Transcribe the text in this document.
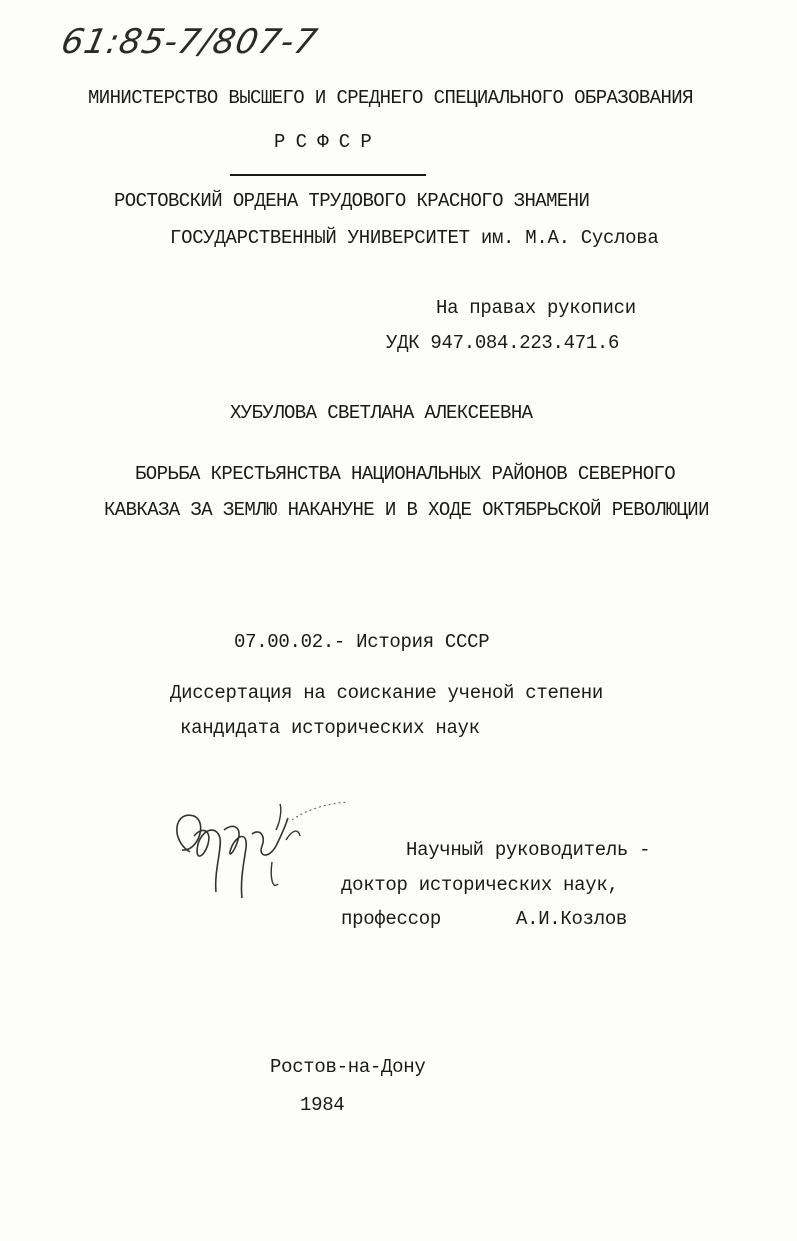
61:85-7/807-7
МИНИСТЕРСТВО ВЫСШЕГО И СРЕДНЕГО СПЕЦИАЛЬНОГО ОБРАЗОВАНИЯ
Р С Ф С Р
РОСТОВСКИЙ ОРДЕНА ТРУДОВОГО КРАСНОГО ЗНАМЕНИ
ГОСУДАРСТВЕННЫЙ УНИВЕРСИТЕТ им. М.А. Суслова
На правах рукописи
УДК 947.084.223.471.6
ХУБУЛОВА СВЕТЛАНА АЛЕКСЕЕВНА
БОРЬБА КРЕСТЬЯНСТВА НАЦИОНАЛЬНЫХ РАЙОНОВ СЕВЕРНОГО
КАВКАЗА ЗА ЗЕМЛЮ НАКАНУНЕ И В ХОДЕ ОКТЯБРЬСКОЙ РЕВОЛЮЦИИ
07.00.02.- История СССР
Диссертация на соискание ученой степени
кандидата исторических наук
Научный руководитель -
доктор исторических наук,
профессор	А.И.Козлов
Ростов-на-Дону
1984
